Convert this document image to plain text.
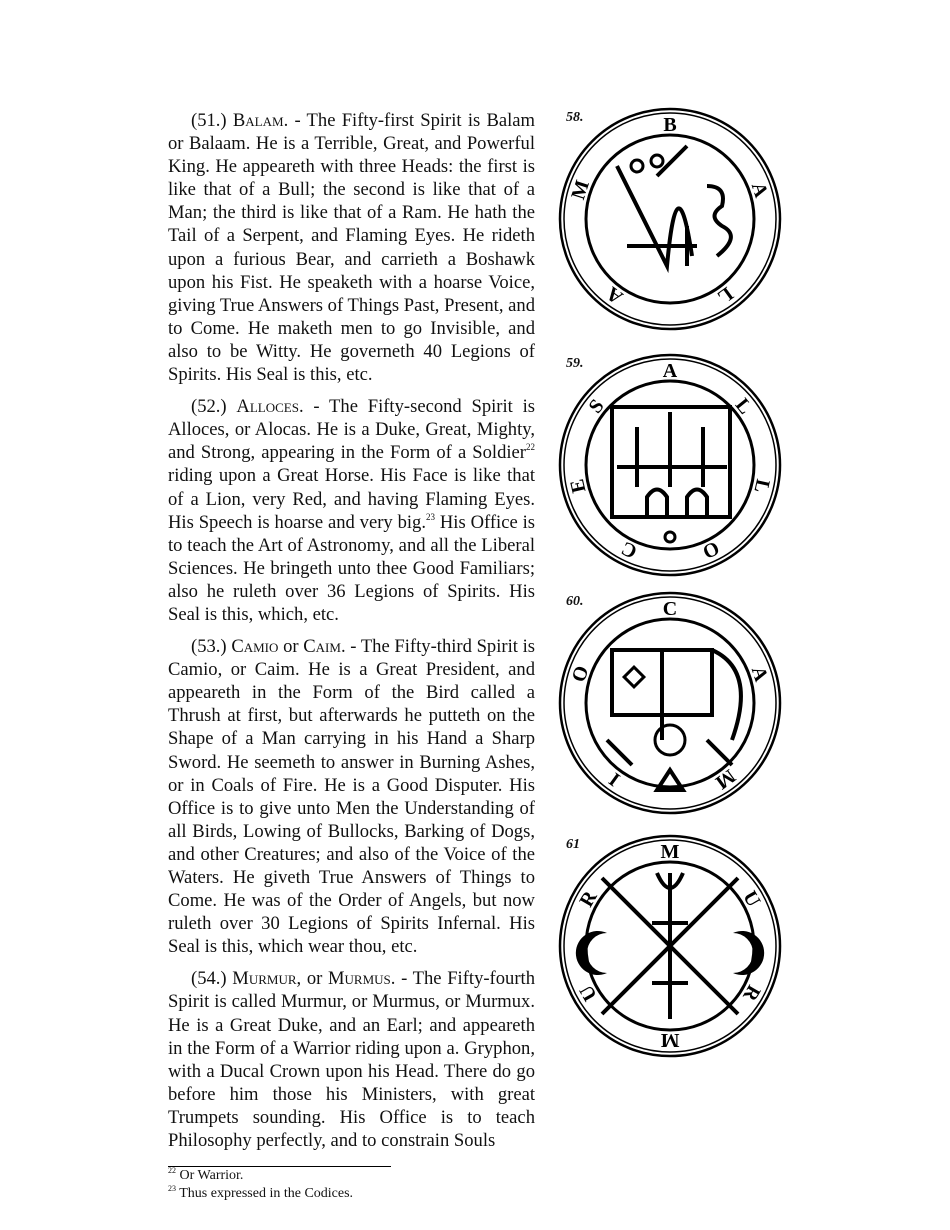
(51.) Balam. - The Fifty-first Spirit is Balam or Balaam. He is a Terrible, Great, and Powerful King. He appeareth with three Heads: the first is like that of a Bull; the second is like that of a Man; the third is like that of a Ram. He hath the Tail of a Serpent, and Flaming Eyes. He rideth upon a furious Bear, and carrieth a Boshawk upon his Fist. He speaketh with a hoarse Voice, giving True Answers of Things Past, Present, and to Come. He maketh men to go Invisible, and also to be Witty. He governeth 40 Legions of Spirits. His Seal is this, etc.

(52.) Alloces. - The Fifty-second Spirit is Alloces, or Alocas. He is a Duke, Great, Mighty, and Strong, appearing in the Form of a Soldier$^{22}$ riding upon a Great Horse. His Face is like that of a Lion, very Red, and having Flaming Eyes. His Speech is hoarse and very big.$^{23}$ His Office is to teach the Art of Astronomy, and all the Liberal Sciences. He bringeth unto thee Good Familiars; also he ruleth over 36 Legions of Spirits. His Seal is this, which, etc.

(53.) Camio or Caim. - The Fifty-third Spirit is Camio, or Caim. He is a Great President, and appeareth in the Form of the Bird called a Thrush at first, but afterwards he putteth on the Shape of a Man carrying in his Hand a Sharp Sword. He seemeth to answer in Burning Ashes, or in Coals of Fire. He is a Good Disputer. His Office is to give unto Men the Understanding of all Birds, Lowing of Bullocks, Barking of Dogs, and other Creatures; and also of the Voice of the Waters. He giveth True Answers of Things to Come. He was of the Order of Angels, but now ruleth over 30 Legions of Spirits Infernal. His Seal is this, which wear thou, etc.

(54.) Murmur, or Murmus. - The Fifty-fourth Spirit is called Murmur, or Murmus, or Murmux. He is a Great Duke, and an Earl; and appeareth in the Form of a Warrior riding upon a. Gryphon, with a Ducal Crown upon his Head. There do go before him those his Ministers, with great Trumpets sounding. His Office is to teach Philosophy perfectly, and to constrain Souls

$^{22}$ Or Warrior.
$^{23}$ Thus expressed in the Codices.
B
A
L
A
M
58.
A
L
L
O
C
E
S
59.
C
A
M
I
O
60.
M
U
R
M
U
R
61
